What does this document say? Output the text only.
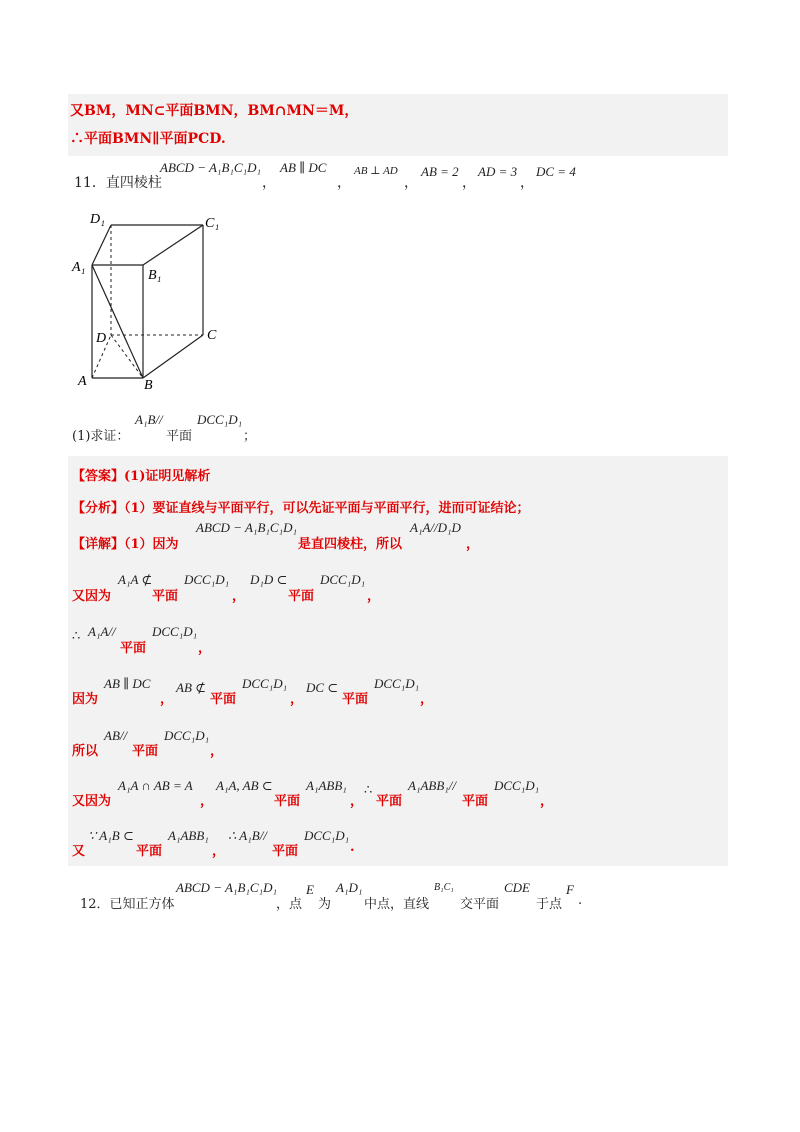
又BM，MN⊂平面BMN，BM∩MN＝M，
∴平面BMN∥平面PCD.
11．直四棱柱
ABCD − A₁B₁C₁D₁
，
AB ∥ DC
，
AB ⊥ AD
，
AB = 2
，
AD = 3
，
DC = 4
D₁	C₁
A₁
B₁
D	C
A	B
(1)求证：
A₁B//
平面
DCC₁D₁
；
【答案】(1)证明见解析
【分析】（1）要证直线与平面平行，可以先证平面与平面平行，进而可证结论；
【详解】（1）因为
ABCD − A₁B₁C₁D₁
是直四棱柱，所以
A₁A//D₁D
，
又因为
A₁A ⊄
平面
DCC₁D₁
，
D₁D ⊂
平面
DCC₁D₁
，
∴ A₁A//
平面
DCC₁D₁
，
因为
AB ∥ DC
，
AB ⊄
平面
DCC₁D₁
，
DC ⊂
平面
DCC₁D₁
，
所以
AB//
平面
DCC₁D₁
，
又因为
A₁A ∩ AB = A
，
A₁A, AB ⊂
平面
A₁ABB₁
，
∴
平面
A₁ABB₁//
平面
DCC₁D₁
，
又
∵ A₁B ⊂
平面
A₁ABB₁
，
∴ A₁B//
平面
DCC₁D₁
.
12．已知正方体
ABCD − A₁B₁C₁D₁
，点
E
为
A₁D₁
中点，直线
B₁C₁
交平面
CDE
于点
F
.
